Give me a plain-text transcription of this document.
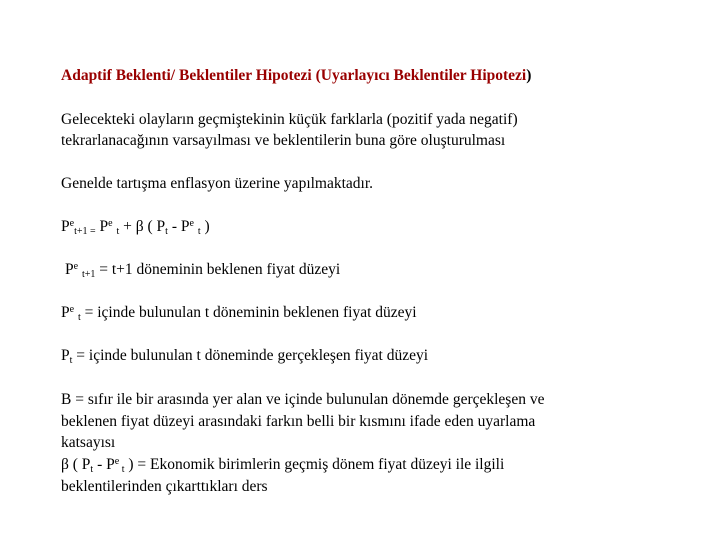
Adaptif Beklenti/ Beklentiler Hipotezi (Uyarlayıcı Beklentiler Hipotezi)
Gelecekteki olayların geçmiştekinin küçük farklarla (pozitif yada negatif)
tekrarlanacağının varsayılması ve beklentilerin buna göre oluşturulması
Genelde tartışma enflasyon üzerine yapılmaktadır.
$P^et+1 = P^e$ t + β ( Pt - $P^e$ t )
$P^e$ t+1 = t+1 döneminin beklenen fiyat düzeyi
$P^e$ t = içinde bulunulan t döneminin beklenen fiyat düzeyi
Pt = içinde bulunulan t döneminde gerçekleşen fiyat düzeyi
B = sıfır ile bir arasında yer alan ve içinde bulunulan dönemde gerçekleşen ve
beklenen fiyat düzeyi arasındaki farkın belli bir kısmını ifade eden uyarlama
katsayısı
β ( Pt - $P^e$ t ) = Ekonomik birimlerin geçmiş dönem fiyat düzeyi ile ilgili
beklentilerinden çıkarttıkları ders
